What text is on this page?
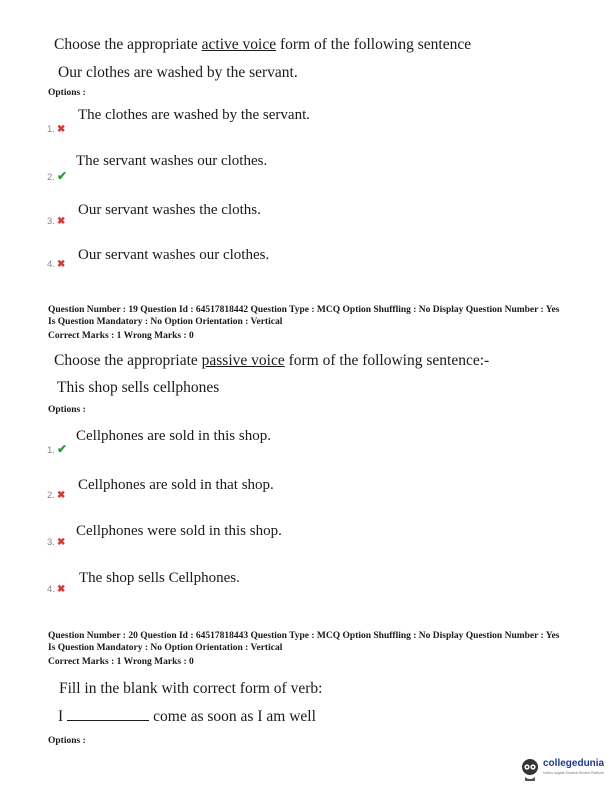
Choose the appropriate active voice form of the following sentence
Our clothes are washed by the servant.
Options :
The clothes are washed by the servant.
1. ✖
The servant washes our clothes.
2. ✔
Our servant washes the cloths.
3. ✖
Our servant washes our clothes.
4. ✖
Question Number : 19 Question Id : 64517818442 Question Type : MCQ Option Shuffling : No Display Question Number : Yes Is Question Mandatory : No Option Orientation : Vertical
Correct Marks : 1 Wrong Marks : 0
Choose the appropriate passive voice form of the following sentence:-
This shop sells cellphones
Options :
Cellphones are sold in this shop.
1. ✔
Cellphones are sold in that shop.
2. ✖
Cellphones were sold in this shop.
3. ✖
The shop sells Cellphones.
4. ✖
Question Number : 20 Question Id : 64517818443 Question Type : MCQ Option Shuffling : No Display Question Number : Yes Is Question Mandatory : No Option Orientation : Vertical
Correct Marks : 1 Wrong Marks : 0
Fill in the blank with correct form of verb:
I	come as soon as I am well
Options :
collegedunia
India's largest Student Review Platform
